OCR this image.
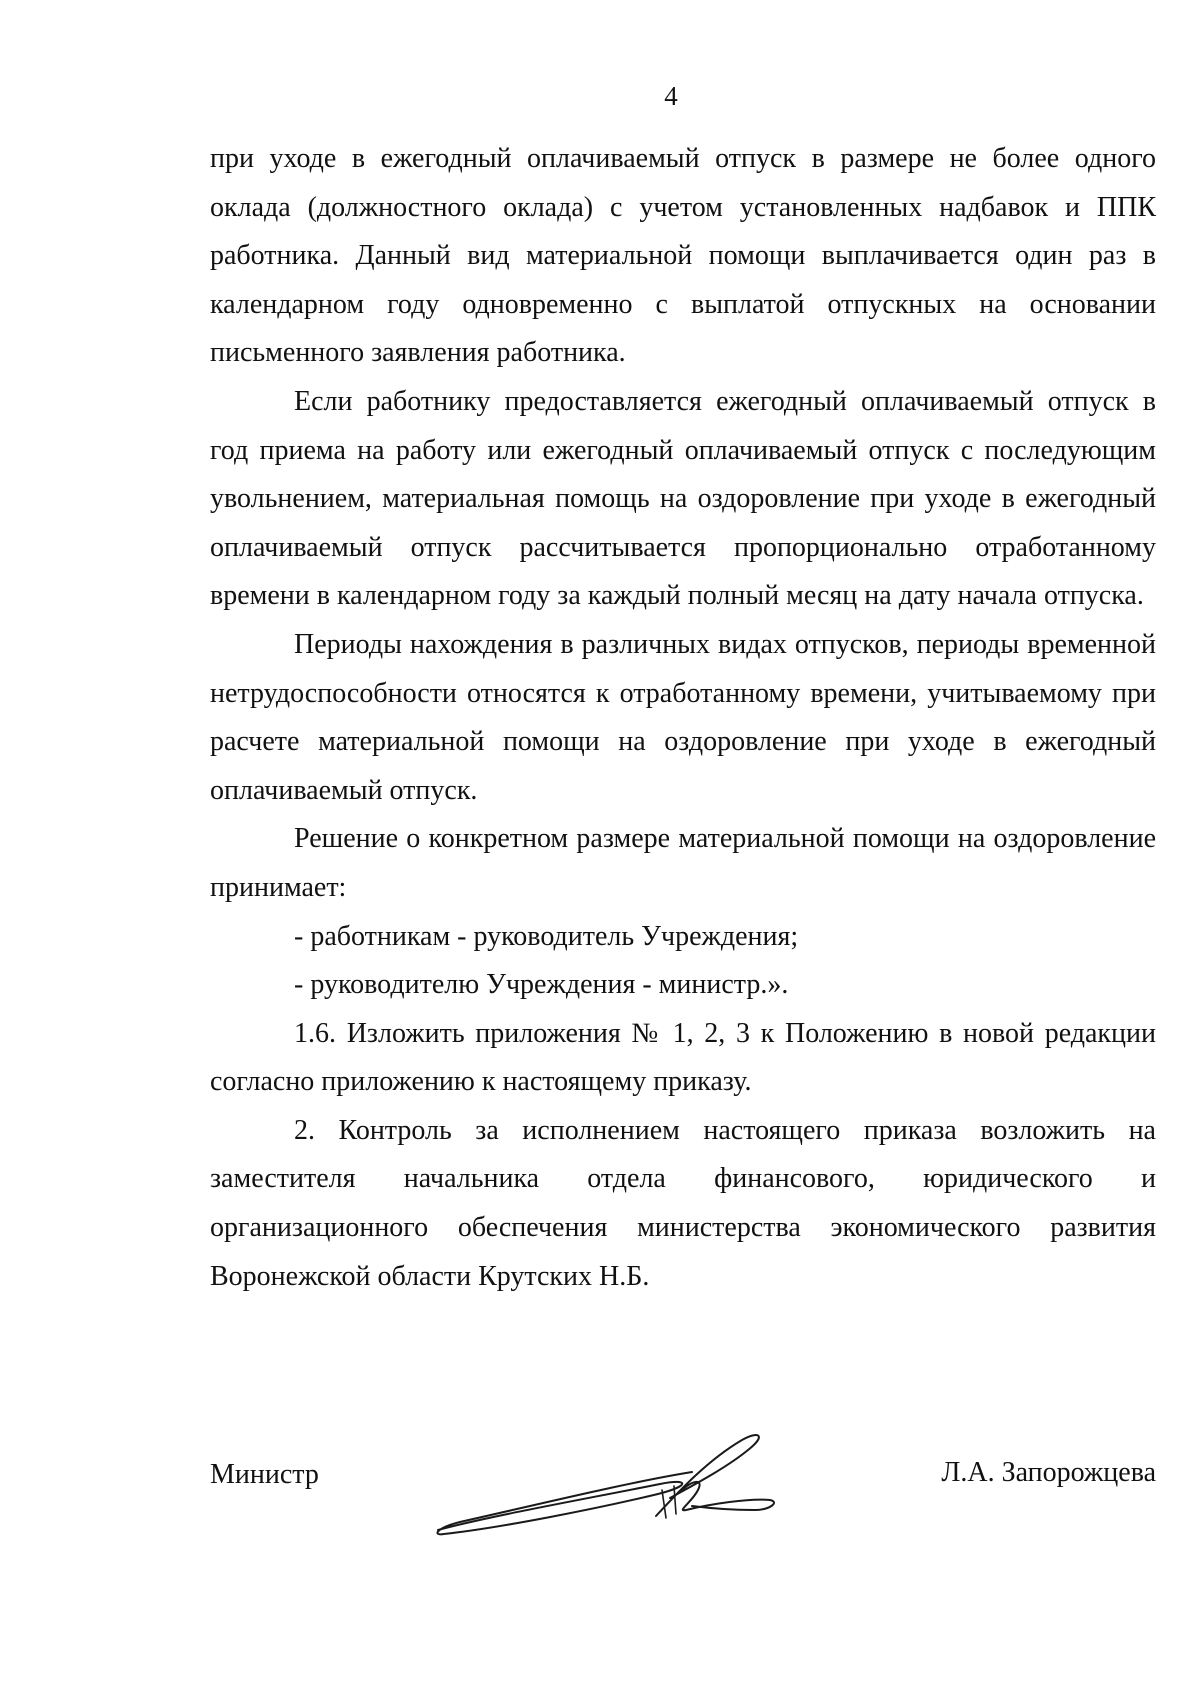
4

при уходе в ежегодный оплачиваемый отпуск в размере не более одного оклада (должностного оклада) с учетом установленных надбавок и ППК работника. Данный вид материальной помощи выплачивается один раз в календарном году одновременно с выплатой отпускных на основании письменного заявления работника.

Если работнику предоставляется ежегодный оплачиваемый отпуск в год приема на работу или ежегодный оплачиваемый отпуск с последующим увольнением, материальная помощь на оздоровление при уходе в ежегодный оплачиваемый отпуск рассчитывается пропорционально отработанному времени в календарном году за каждый полный месяц на дату начала отпуска.

Периоды нахождения в различных видах отпусков, периоды временной нетрудоспособности относятся к отработанному времени, учитываемому при расчете материальной помощи на оздоровление при уходе в ежегодный оплачиваемый отпуск.

Решение о конкретном размере материальной помощи на оздоровление принимает:

- работникам - руководитель Учреждения;

- руководителю Учреждения - министр.».

1.6. Изложить приложения № 1, 2, 3 к Положению в новой редакции согласно приложению к настоящему приказу.

2. Контроль за исполнением настоящего приказа возложить на заместителя начальника отдела финансового, юридического и организационного обеспечения министерства экономического развития Воронежской области Крутских Н.Б.

Министр	Л.А. Запорожцева
